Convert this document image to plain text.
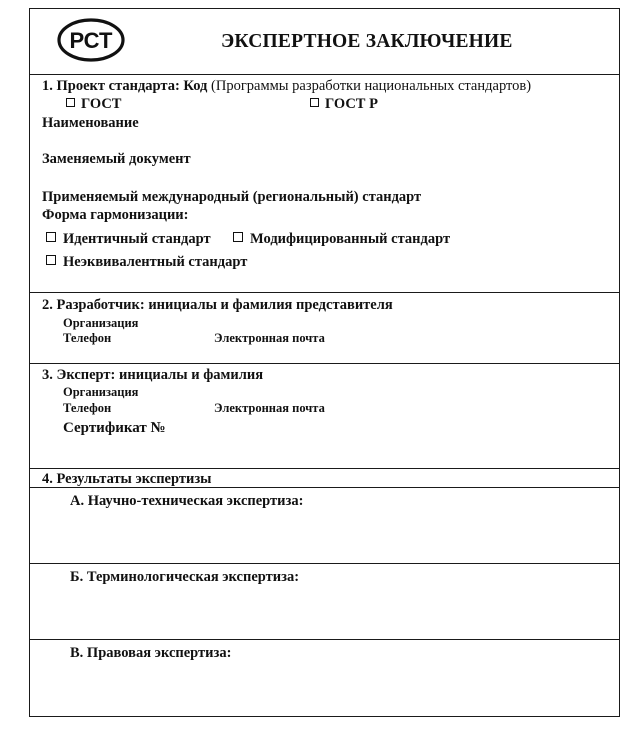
РСТ	ЭКСПЕРТНОЕ ЗАКЛЮЧЕНИЕ
1. Проект стандарта: Код (Программы разработки национальных стандартов)
ГОСТ	ГОСТ Р
Наименование
Заменяемый документ
Применяемый международный (региональный) стандарт
Форма гармонизации:
Идентичный стандарт	Модифицированный стандарт
Неэквивалентный стандарт
2. Разработчик: инициалы и фамилия представителя
Организация
Телефон	Электронная почта
3. Эксперт: инициалы и фамилия
Организация
Телефон	Электронная почта
Сертификат №
4. Результаты экспертизы
А. Научно-техническая экспертиза:
Б. Терминологическая экспертиза:
В. Правовая экспертиза:
